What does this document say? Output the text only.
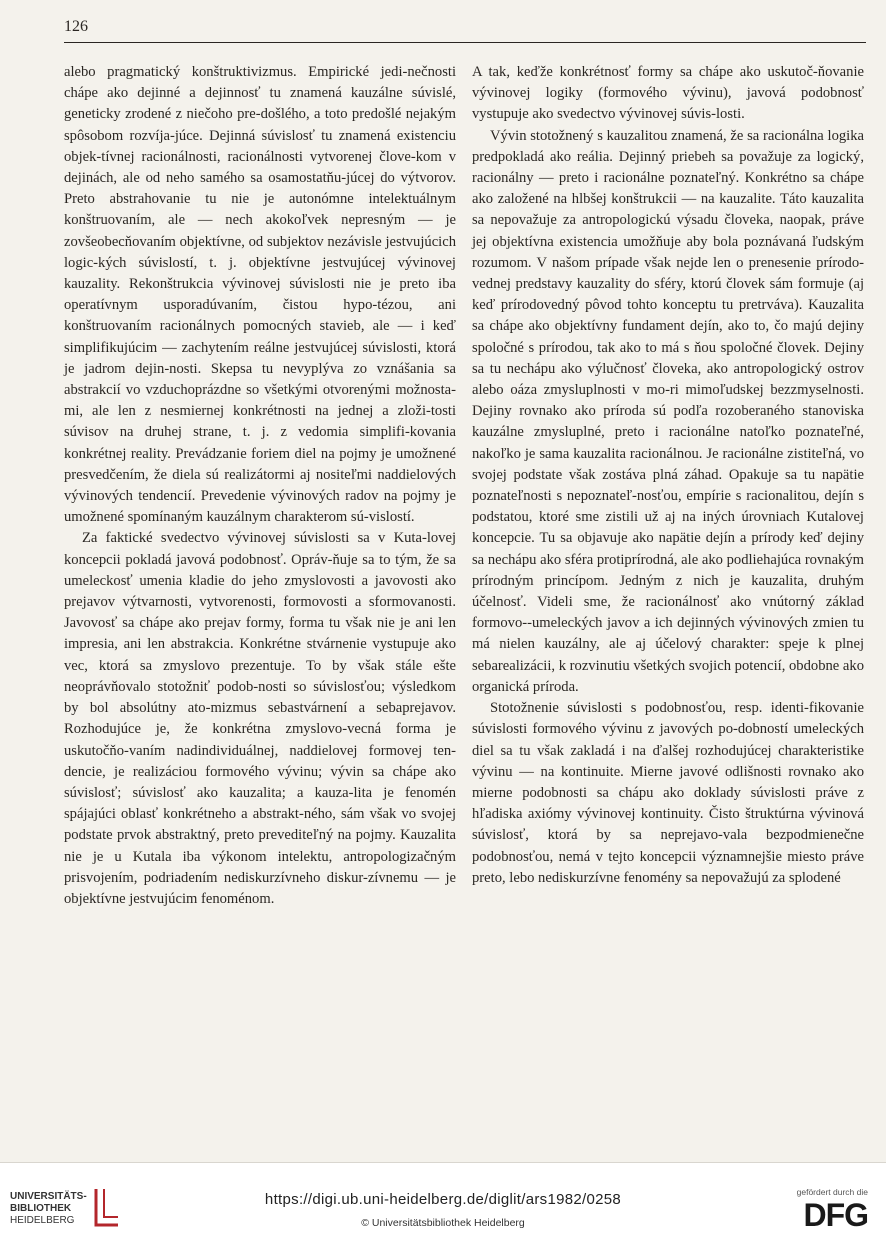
126

alebo pragmatický konštruktivizmus. Empirické jedi-nečnosti chápe ako dejinné a dejinnosť tu znamená kauzálne súvislé, geneticky zrodené z niečoho pre-došlého, a toto predošlé nejakým spôsobom rozvíja-júce. Dejinná súvislosť tu znamená existenciu objek-tívnej racionálnosti, racionálnosti vytvorenej člove-kom v dejinách, ale od neho samého sa osamostatňu-júcej do výtvorov. Preto abstrahovanie tu nie je autonómne intelektuálnym konštruovaním, ale — nech akokoľvek nepresným — je zovšeobecňovaním objektívne, od subjektov nezávisle jestvujúcich logic-kých súvislostí, t. j. objektívne jestvujúcej vývinovej kauzality. Rekonštrukcia vývinovej súvislosti nie je preto iba operatívnym usporadúvaním, čistou hypo-tézou, ani konštruovaním racionálnych pomocných stavieb, ale — i keď simplifikujúcim — zachytením reálne jestvujúcej súvislosti, ktorá je jadrom dejin-nosti. Skepsa tu nevyplýva zo vznášania sa abstrakcií vo vzduchoprázdne so všetkými otvorenými možnosta-mi, ale len z nesmiernej konkrétnosti na jednej a zloži-tosti súvisov na druhej strane, t. j. z vedomia simplifi-kovania konkrétnej reality. Prevádzanie foriem diel na pojmy je umožnené presvedčením, že diela sú realizátormi aj nositeľmi naddielových vývinových tendencií. Prevedenie vývinových radov na pojmy je umožnené spomínaným kauzálnym charakterom sú-vislostí.

Za faktické svedectvo vývinovej súvislosti sa v Kuta-lovej koncepcii pokladá javová podobnosť. Opráv-ňuje sa to tým, že sa umeleckosť umenia kladie do jeho zmyslovosti a javovosti ako prejavov výtvarnosti, vytvorenosti, formovosti a sformovanosti. Javovosť sa chápe ako prejav formy, forma tu však nie je ani len impresia, ani len abstrakcia. Konkrétne stvárnenie vystupuje ako vec, ktorá sa zmyslovo prezentuje. To by však stále ešte neoprávňovalo stotožniť podob-nosti so súvislosťou; výsledkom by bol absolútny ato-mizmus sebastvárnení a sebaprejavov. Rozhodujúce je, že konkrétna zmyslovo-vecná forma je uskutočňo-vaním nadindividuálnej, naddielovej formovej ten-dencie, je realizáciou formového vývinu; vývin sa chápe ako súvislosť; súvislosť ako kauzalita; a kauza-lita je fenomén spájajúci oblasť konkrétneho a abstrakt-ného, sám však vo svojej podstate prvok abstraktný, preto prevediteľný na pojmy. Kauzalita nie je u Kutala iba výkonom intelektu, antropologizačným prisvojením, podriadením nediskurzívneho diskur-zívnemu — je objektívne jestvujúcim fenoménom.

A tak, keďže konkrétnosť formy sa chápe ako uskutoč-ňovanie vývinovej logiky (formového vývinu), javová podobnosť vystupuje ako svedectvo vývinovej súvis-losti.

Vývin stotožnený s kauzalitou znamená, že sa racionálna logika predpokladá ako reália. Dejinný priebeh sa považuje za logický, racionálny — preto i racionálne poznateľný. Konkrétno sa chápe ako založené na hlbšej konštrukcii — na kauzalite. Táto kauzalita sa nepovažuje za antropologickú výsadu človeka, naopak, práve jej objektívna existencia umožňuje aby bola poznávaná ľudským rozumom. V našom prípade však nejde len o prenesenie prírodo-vednej predstavy kauzality do sféry, ktorú človek sám formuje (aj keď prírodovedný pôvod tohto konceptu tu pretrváva). Kauzalita sa chápe ako objektívny fundament dejín, ako to, čo majú dejiny spoločné s prírodou, tak ako to má s ňou spoločné človek. Dejiny sa tu nechápu ako výlučnosť človeka, ako antropologický ostrov alebo oáza zmysluplnosti v mo-ri mimoľudskej bezzmyselnosti. Dejiny rovnako ako príroda sú podľa rozoberaného stanoviska kauzálne zmysluplné, preto i racionálne natoľko poznateľné, nakoľko je sama kauzalita racionálnou. Je racionálne zistiteľná, vo svojej podstate však zostáva plná záhad. Opakuje sa tu napätie poznateľnosti s nepoznateľ-nosťou, empírie s racionalitou, dejín s podstatou, ktoré sme zistili už aj na iných úrovniach Kutalovej koncepcie. Tu sa objavuje ako napätie dejín a prírody keď dejiny sa nechápu ako sféra protiprírodná, ale ako podliehajúca rovnakým prírodným princípom. Jedným z nich je kauzalita, druhým účelnosť. Videli sme, že racionálnosť ako vnútorný základ formovo--umeleckých javov a ich dejinných vývinových zmien tu má nielen kauzálny, ale aj účelový charakter: speje k plnej sebarealizácii, k rozvinutiu všetkých svojich potencií, obdobne ako organická príroda.

Stotožnenie súvislosti s podobnosťou, resp. identi-fikovanie súvislosti formového vývinu z javových po-dobností umeleckých diel sa tu však zakladá i na ďalšej rozhodujúcej charakteristike vývinu — na kontinuite. Mierne javové odlišnosti rovnako ako mierne podobnosti sa chápu ako doklady súvislosti práve z hľadiska axiómy vývinovej kontinuity. Čisto štruktúrna vývinová súvislosť, ktorá by sa neprejavo-vala bezpodmienečne podobnosťou, nemá v tejto koncepcii významnejšie miesto práve preto, lebo nediskurzívne fenomény sa nepovažujú za splodené

UNIVERSITÄTS-
BIBLIOTHEK
HEIDELBERG
https://digi.ub.uni-heidelberg.de/diglit/ars1982/0258
© Universitätsbibliothek Heidelberg
gefördert durch die
DFG
